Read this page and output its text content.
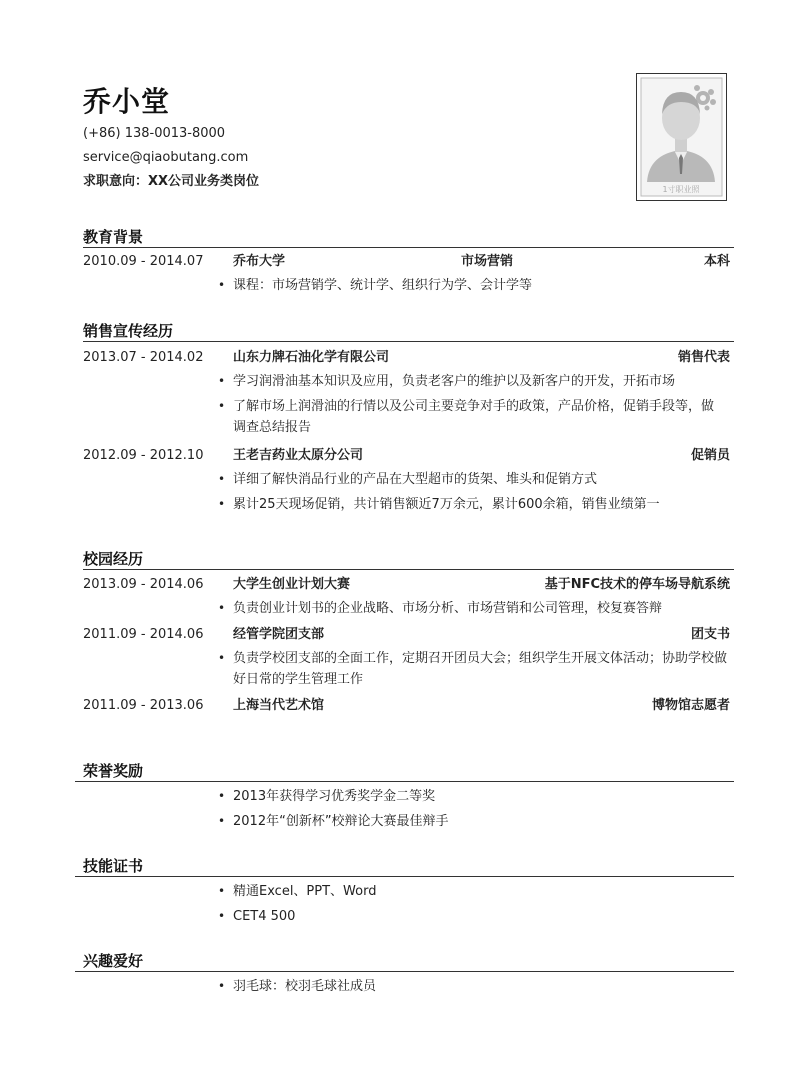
乔小堂
(+86) 138-0013-8000
service@qiaobutang.com
求职意向：XX公司业务类岗位
1寸职业照
教育背景
2010.09 - 2014.07 乔布大学	市场营销	本科
• 课程：市场营销学、统计学、组织行为学、会计学等
销售宣传经历
2013.07 - 2014.02 山东力牌石油化学有限公司	销售代表
• 学习润滑油基本知识及应用，负责老客户的维护以及新客户的开发，开拓市场
• 了解市场上润滑油的行情以及公司主要竞争对手的政策，产品价格，促销手段等，做调查总结报告
2012.09 - 2012.10 王老吉药业太原分公司	促销员
• 详细了解快消品行业的产品在大型超市的货架、堆头和促销方式
• 累计25天现场促销，共计销售额近7万余元，累计600余箱，销售业绩第一
校园经历
2013.09 - 2014.06 大学生创业计划大赛	基于NFC技术的停车场导航系统
• 负责创业计划书的企业战略、市场分析、市场营销和公司管理，校复赛答辩
2011.09 - 2014.06 经管学院团支部	团支书
• 负责学校团支部的全面工作，定期召开团员大会；组织学生开展文体活动；协助学校做好日常的学生管理工作
2011.09 - 2013.06 上海当代艺术馆	博物馆志愿者
荣誉奖励
• 2013年获得学习优秀奖学金二等奖
• 2012年“创新杯”校辩论大赛最佳辩手
技能证书
• 精通Excel、PPT、Word
• CET4 500
兴趣爱好
• 羽毛球：校羽毛球社成员
